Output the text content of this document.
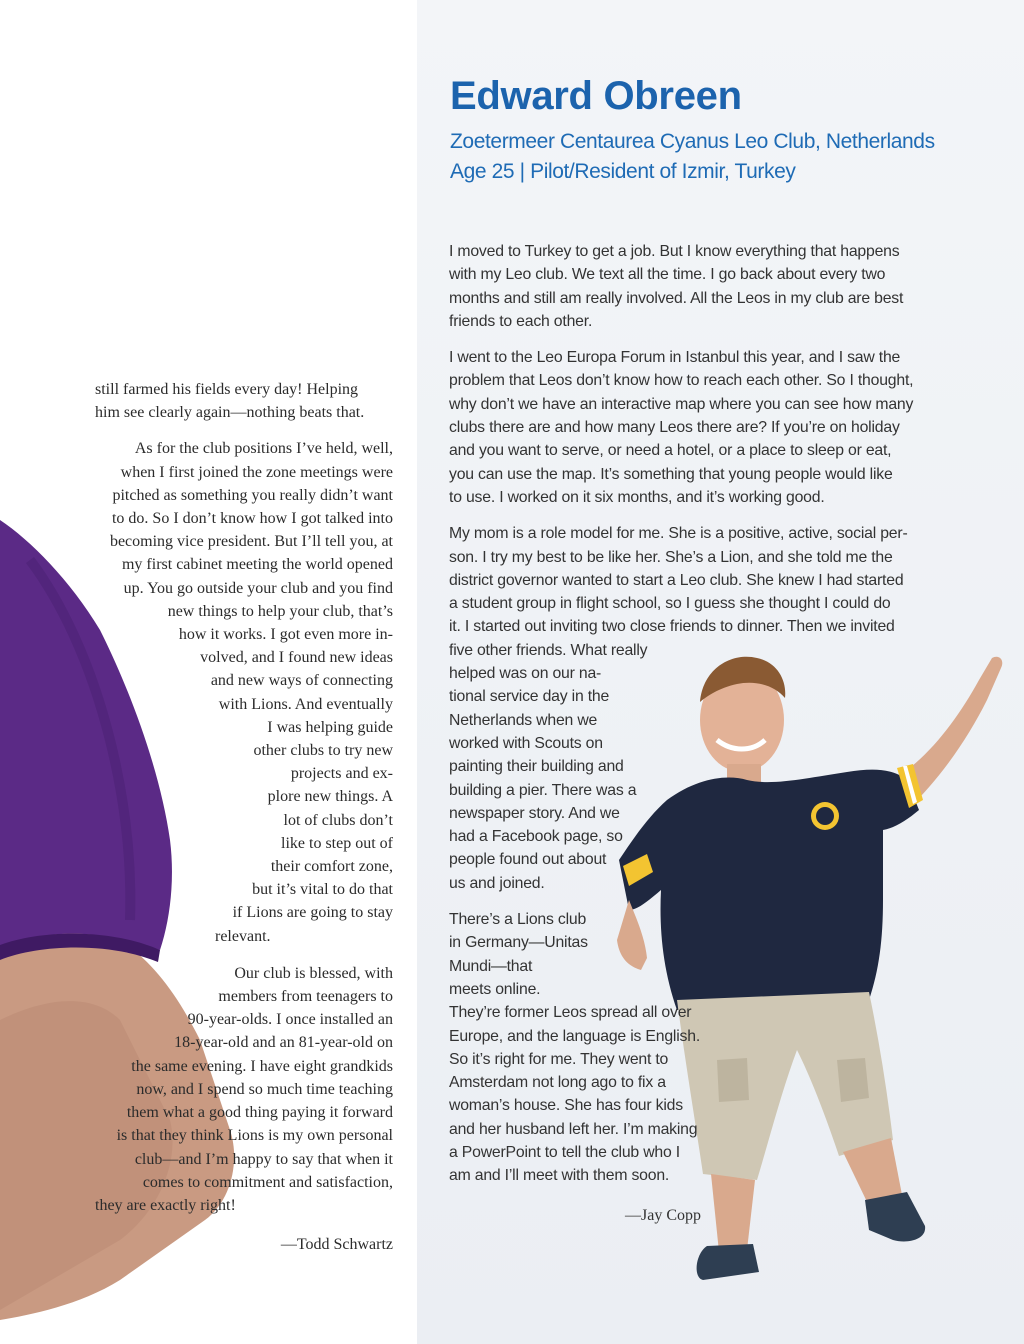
still farmed his fields every day! Helping
him see clearly again—nothing beats that.

As for the club positions I’ve held, well,
when I first joined the zone meetings were
pitched as something you really didn’t want
to do. So I don’t know how I got talked into
becoming vice president. But I’ll tell you, at
my first cabinet meeting the world opened
up. You go outside your club and you find
new things to help your club, that’s
how it works. I got even more in-
volved, and I found new ideas
and new ways of connecting
with Lions. And eventually
I was helping guide
other clubs to try new
projects and ex-
plore new things. A
lot of clubs don’t
like to step out of
their comfort zone,
but it’s vital to do that
if Lions are going to stay
relevant.

Our club is blessed, with
members from teenagers to
90-year-olds. I once installed an
18-year-old and an 81-year-old on
the same evening. I have eight grandkids
now, and I spend so much time teaching
them what a good thing paying it forward
is that they think Lions is my own personal
club—and I’m happy to say that when it
comes to commitment and satisfaction,
they are exactly right!

—Todd Schwartz
Edward Obreen
Zoetermeer Centaurea Cyanus Leo Club, Netherlands
Age 25 | Pilot/Resident of Izmir, Turkey

I moved to Turkey to get a job. But I know everything that happens
with my Leo club. We text all the time. I go back about every two
months and still am really involved. All the Leos in my club are best
friends to each other.

I went to the Leo Europa Forum in Istanbul this year, and I saw the
problem that Leos don’t know how to reach each other. So I thought,
why don’t we have an interactive map where you can see how many
clubs there are and how many Leos there are? If you’re on holiday
and you want to serve, or need a hotel, or a place to sleep or eat,
you can use the map. It’s something that young people would like
to use. I worked on it six months, and it’s working good.

My mom is a role model for me. She is a positive, active, social per-
son. I try my best to be like her. She’s a Lion, and she told me the
district governor wanted to start a Leo club. She knew I had started
a student group in flight school, so I guess she thought I could do
it. I started out inviting two close friends to dinner. Then we invited
five other friends. What really
helped was on our na-
tional service day in the
Netherlands when we
worked with Scouts on
painting their building and
building a pier. There was a
newspaper story. And we
had a Facebook page, so
people found out about
us and joined.

There’s a Lions club
in Germany—Unitas
Mundi—that
meets online.
They’re former Leos spread all over
Europe, and the language is English.
So it’s right for me. They went to
Amsterdam not long ago to fix a
woman’s house. She has four kids
and her husband left her. I’m making
a PowerPoint to tell the club who I
am and I’ll meet with them soon.

—Jay Copp
